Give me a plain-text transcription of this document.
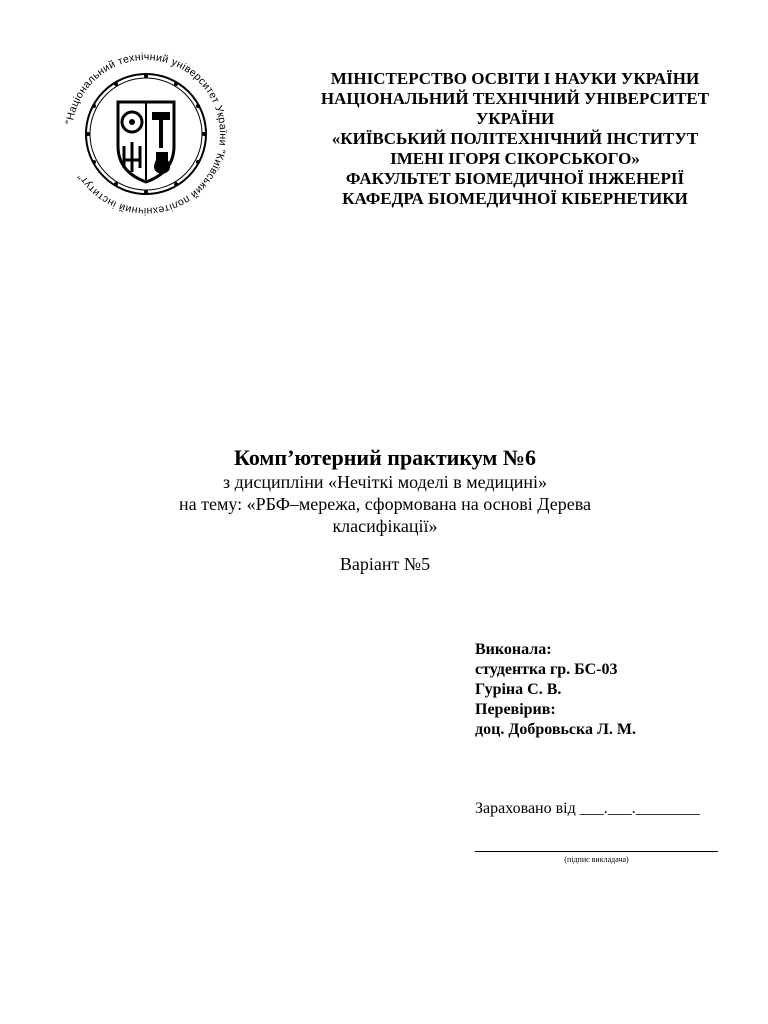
"Національний технічний університет України "Київський політехнічний інститут"
МІНІСТЕРСТВО ОСВІТИ І НАУКИ УКРАЇНИ
НАЦІОНАЛЬНИЙ ТЕХНІЧНИЙ УНІВЕРСИТЕТ
УКРАЇНИ
«КИЇВСЬКИЙ ПОЛІТЕХНІЧНИЙ ІНСТИТУТ
ІМЕНІ ІГОРЯ СІКОРСЬКОГО»
ФАКУЛЬТЕТ БІОМЕДИЧНОЇ ІНЖЕНЕРІЇ
КАФЕДРА БІОМЕДИЧНОЇ КІБЕРНЕТИКИ
Комп’ютерний практикум №6
з дисципліни «Нечіткі моделі в медицині»
на тему: «РБФ–мережа, сформована на основі Дерева
класифікації»
Варіант №5
Виконала:
студентка гр. БС-03
Гуріна С. В.
Перевірив:
доц. Добровьска Л. М.
Зараховано від ___.___.________
(підпис викладача)
